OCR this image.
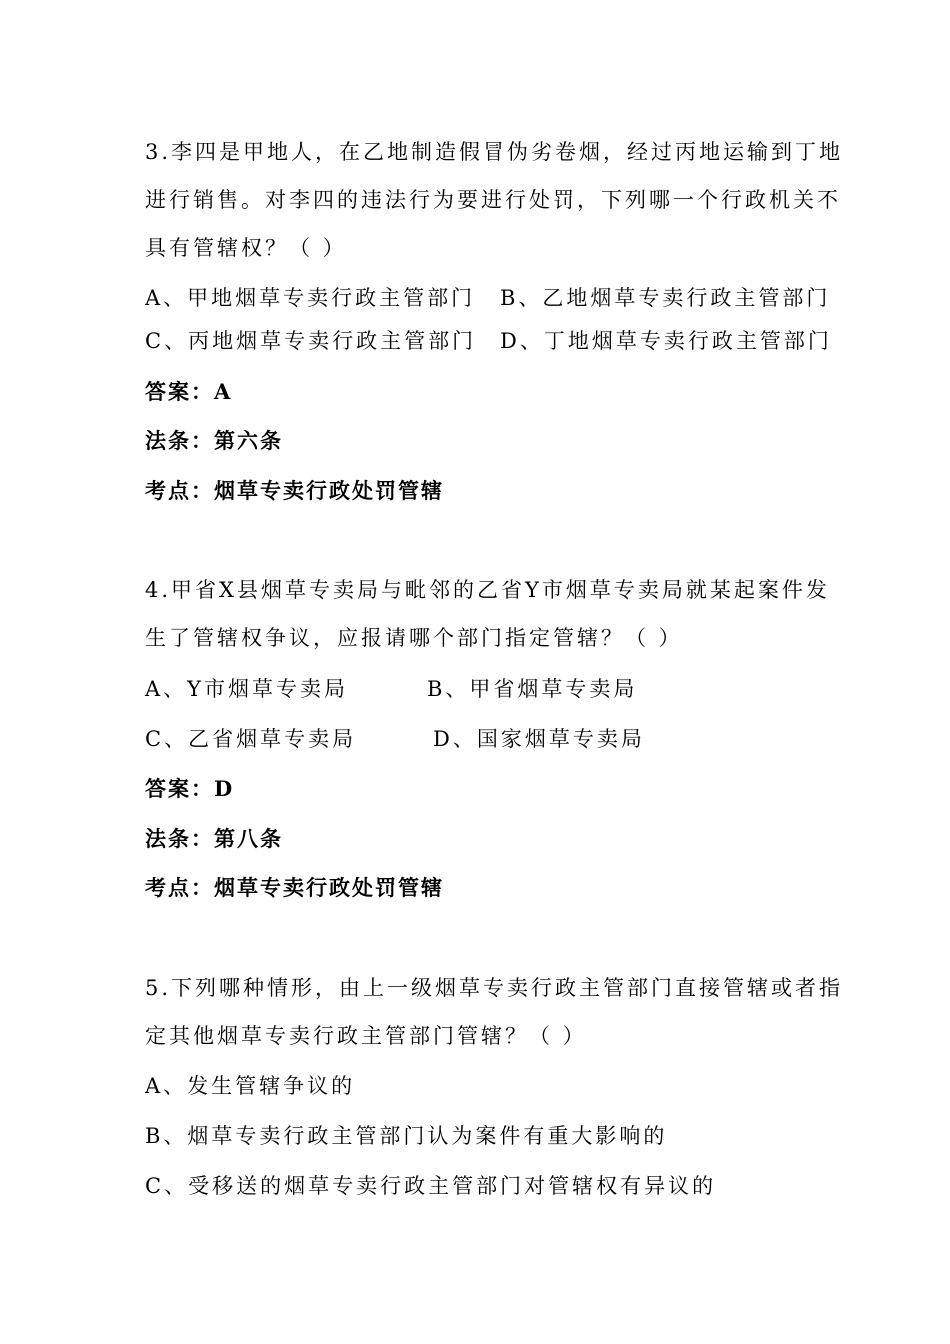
3.李四是甲地人，在乙地制造假冒伪劣卷烟，经过丙地运输到丁地
进行销售。对李四的违法行为要进行处罚，下列哪一个行政机关不
具有管辖权？（ ）
A、甲地烟草专卖行政主管部门 B、乙地烟草专卖行政主管部门
C、丙地烟草专卖行政主管部门 D、丁地烟草专卖行政主管部门
答案：A
法条：第六条
考点：烟草专卖行政处罚管辖
4.甲省X县烟草专卖局与毗邻的乙省Y市烟草专卖局就某起案件发
生了管辖权争议，应报请哪个部门指定管辖？（ ）
A、Y市烟草专卖局	B、甲省烟草专卖局
C、乙省烟草专卖局	D、国家烟草专卖局
答案：D
法条：第八条
考点：烟草专卖行政处罚管辖
5.下列哪种情形，由上一级烟草专卖行政主管部门直接管辖或者指
定其他烟草专卖行政主管部门管辖？（ ）
A、发生管辖争议的
B、烟草专卖行政主管部门认为案件有重大影响的
C、受移送的烟草专卖行政主管部门对管辖权有异议的
